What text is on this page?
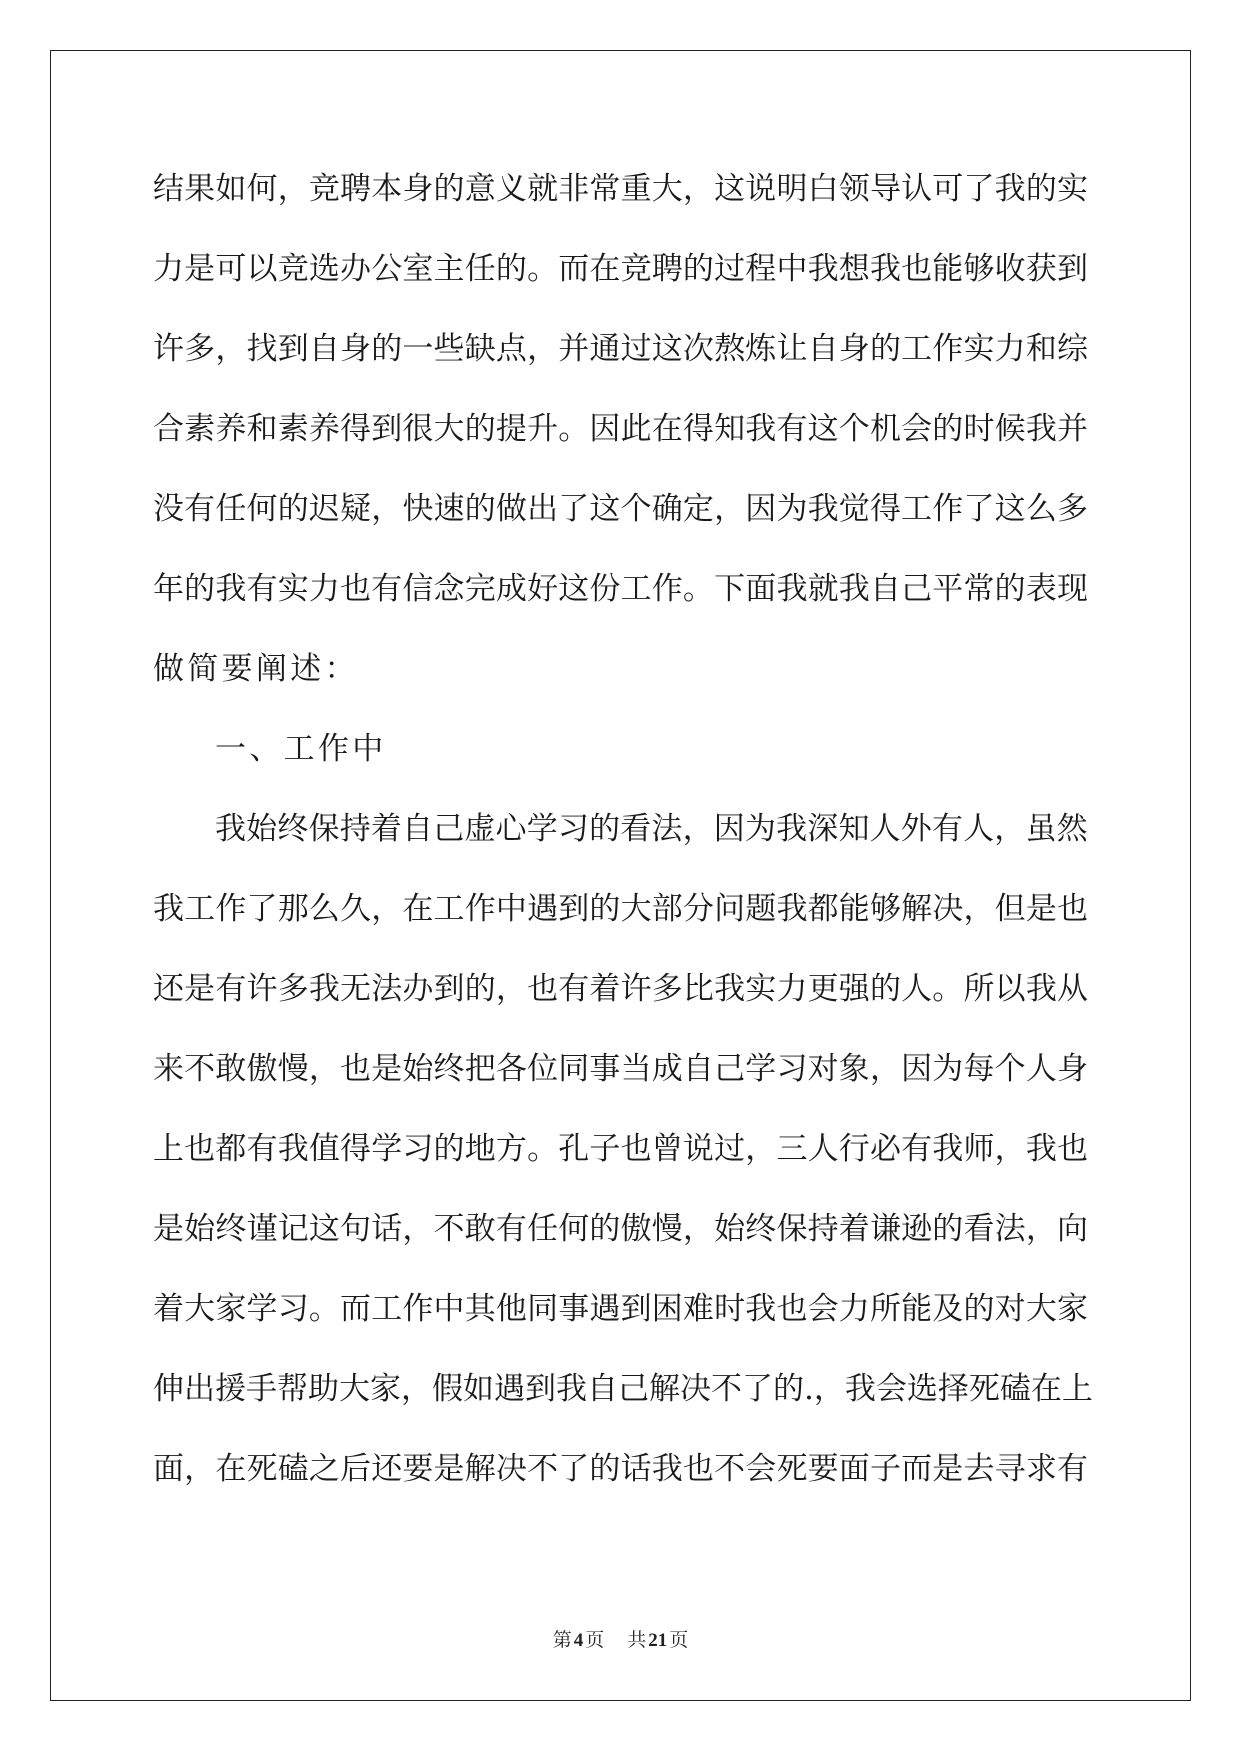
结 果 如 何 ， 竞 聘 本 身 的 意 义 就 非 常 重 大 ， 这 说 明 白 领 导 认 可 了 我 的 实
力 是 可 以 竞 选 办 公 室 主 任 的 。 而 在 竞 聘 的 过 程 中 我 想 我 也 能 够 收 获 到
许 多 ， 找 到 自 身 的 一 些 缺 点 ， 并 通 过 这 次 熬 炼 让 自 身 的 工 作 实 力 和 综
合 素 养 和 素 养 得 到 很 大 的 提 升 。 因 此 在 得 知 我 有 这 个 机 会 的 时 候 我 并
没 有 任 何 的 迟 疑 ， 快 速 的 做 出 了 这 个 确 定 ， 因 为 我 觉 得 工 作 了 这 么 多
年 的 我 有 实 力 也 有 信 念 完 成 好 这 份 工 作 。 下 面 我 就 我 自 己 平 常 的 表 现
做简要阐述：
一、工作中
我 始 终 保 持 着 自 己 虚 心 学 习 的 看 法 ， 因 为 我 深 知 人 外 有 人 ， 虽 然
我 工 作 了 那 么 久 ， 在 工 作 中 遇 到 的 大 部 分 问 题 我 都 能 够 解 决 ， 但 是 也
还 是 有 许 多 我 无 法 办 到 的 ， 也 有 着 许 多 比 我 实 力 更 强 的 人 。 所 以 我 从
来 不 敢 傲 慢 ， 也 是 始 终 把 各 位 同 事 当 成 自 己 学 习 对 象 ， 因 为 每 个 人 身
上 也 都 有 我 值 得 学 习 的 地 方 。 孔 子 也 曾 说 过 ， 三 人 行 必 有 我 师 ， 我 也
是 始 终 谨 记 这 句 话 ， 不 敢 有 任 何 的 傲 慢 ， 始 终 保 持 着 谦 逊 的 看 法 ， 向
着 大 家 学 习 。 而 工 作 中 其 他 同 事 遇 到 困 难 时 我 也 会 力 所 能 及 的 对 大 家
伸 出 援 手 帮 助 大 家 ， 假 如 遇 到 我 自 己 解 决 不 了 的 . ， 我 会 选 择 死 磕 在 上
面 ， 在 死 磕 之 后 还 要 是 解 决 不 了 的 话 我 也 不 会 死 要 面 子 而 是 去 寻 求 有
第 4 页 共 21 页
